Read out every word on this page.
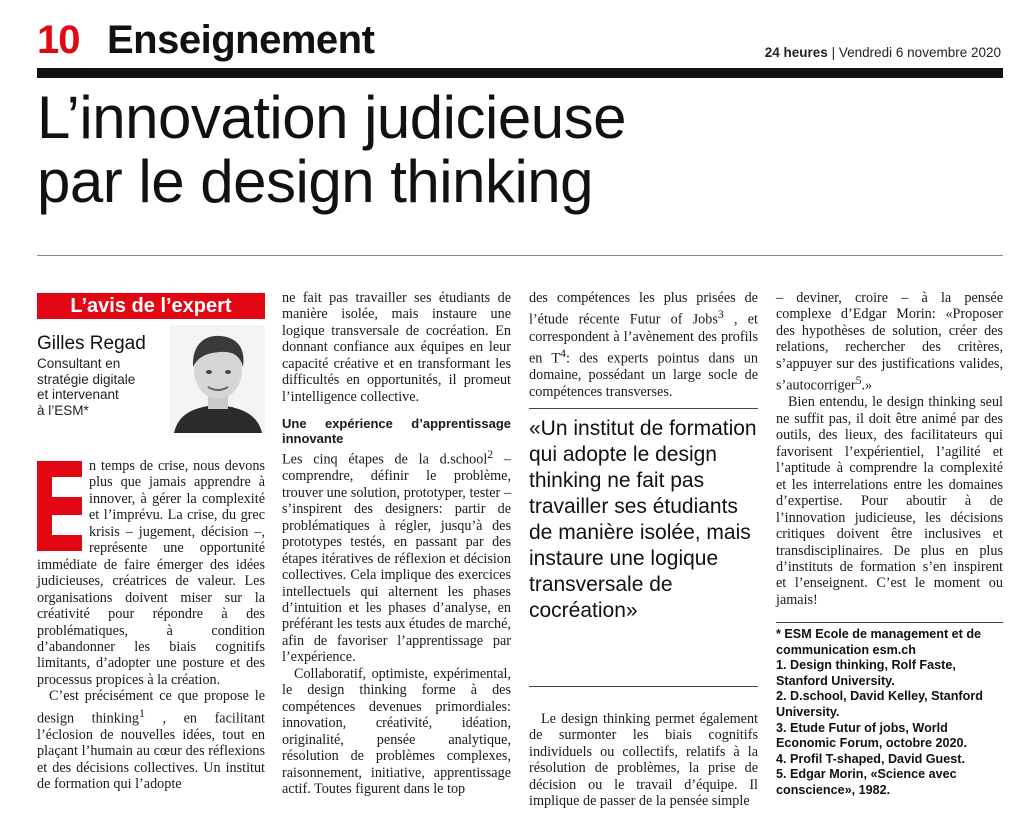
10 Enseignement	24 heures | Vendredi 6 novembre 2020
L’innovation judicieuse
par le design thinking
L’avis de l’expert
Gilles Regad
Consultant en
stratégie digitale
et intervenant
à l’ESM*

n temps de crise, nous devons plus que jamais apprendre à innover, à gérer la complexité et l’imprévu. La crise, du grec krisis – jugement, décision –, représente une opportunité immédiate de faire émerger des idées judicieuses, créatrices de valeur. Les organisations doivent miser sur la créativité pour répondre à des problématiques, à condition d’abandonner les biais cognitifs limitants, d’adopter une posture et des processus propices à la création.

C’est précisément ce que propose le design thinking$^1$ , en facilitant l’éclosion de nouvelles idées, tout en plaçant l’humain au cœur des réflexions et des décisions collectives. Un institut de formation qui l’adopte

ne fait pas travailler ses étudiants de manière isolée, mais instaure une logique transversale de cocréation. En donnant confiance aux équipes en leur capacité créative et en transformant les difficultés en opportunités, il promeut l’intelligence collective.

Une expérience d’apprentissage innovante

Les cinq étapes de la d.school$^2$ – comprendre, définir le problème, trouver une solution, prototyper, tester – s’inspirent des designers: partir de problématiques à régler, jusqu’à des prototypes testés, en passant par des étapes itératives de réflexion et décision collectives. Cela implique des exercices intellectuels qui alternent les phases d’intuition et les phases d’analyse, en préférant les tests aux études de marché, afin de favoriser l’apprentissage par l’expérience.

Collaboratif, optimiste, expérimental, le design thinking forme à des compétences devenues primordiales: innovation, créativité, idéation, originalité, pensée analytique, résolution de problèmes complexes, raisonnement, initiative, apprentissage actif. Toutes figurent dans le top

des compétences les plus prisées de l’étude récente Futur of Jobs$^3$ , et correspondent à l’avènement des profils en $T^4$: des experts pointus dans un domaine, possédant un large socle de compétences transverses.

«Un institut de formation qui adopte le design thinking ne fait pas travailler ses étudiants de manière isolée, mais instaure une logique transversale de cocréation»

Le design thinking permet également de surmonter les biais cognitifs individuels ou collectifs, relatifs à la résolution de problèmes, la prise de décision ou le travail d’équipe. Il implique de passer de la pensée simple

– deviner, croire – à la pensée complexe d’Edgar Morin: «Proposer des hypothèses de solution, créer des relations, rechercher des critères, s’appuyer sur des justifications valides, s’autocorriger$^5$.»

Bien entendu, le design thinking seul ne suffit pas, il doit être animé par des outils, des lieux, des facilitateurs qui favorisent l’expérientiel, l’agilité et l’aptitude à comprendre la complexité et les interrelations entre les domaines d’expertise. Pour aboutir à de l’innovation judicieuse, les décisions critiques doivent être inclusives et transdisciplinaires. De plus en plus d’instituts de formation s’en inspirent et l’enseignent. C’est le moment ou jamais!

* ESM Ecole de management et de communication esm.ch
1. Design thinking, Rolf Faste, Stanford University.
2. D.school, David Kelley, Stanford University.
3. Etude Futur of jobs, World Economic Forum, octobre 2020.
4. Profil T-shaped, David Guest.
5. Edgar Morin, «Science avec conscience», 1982.
